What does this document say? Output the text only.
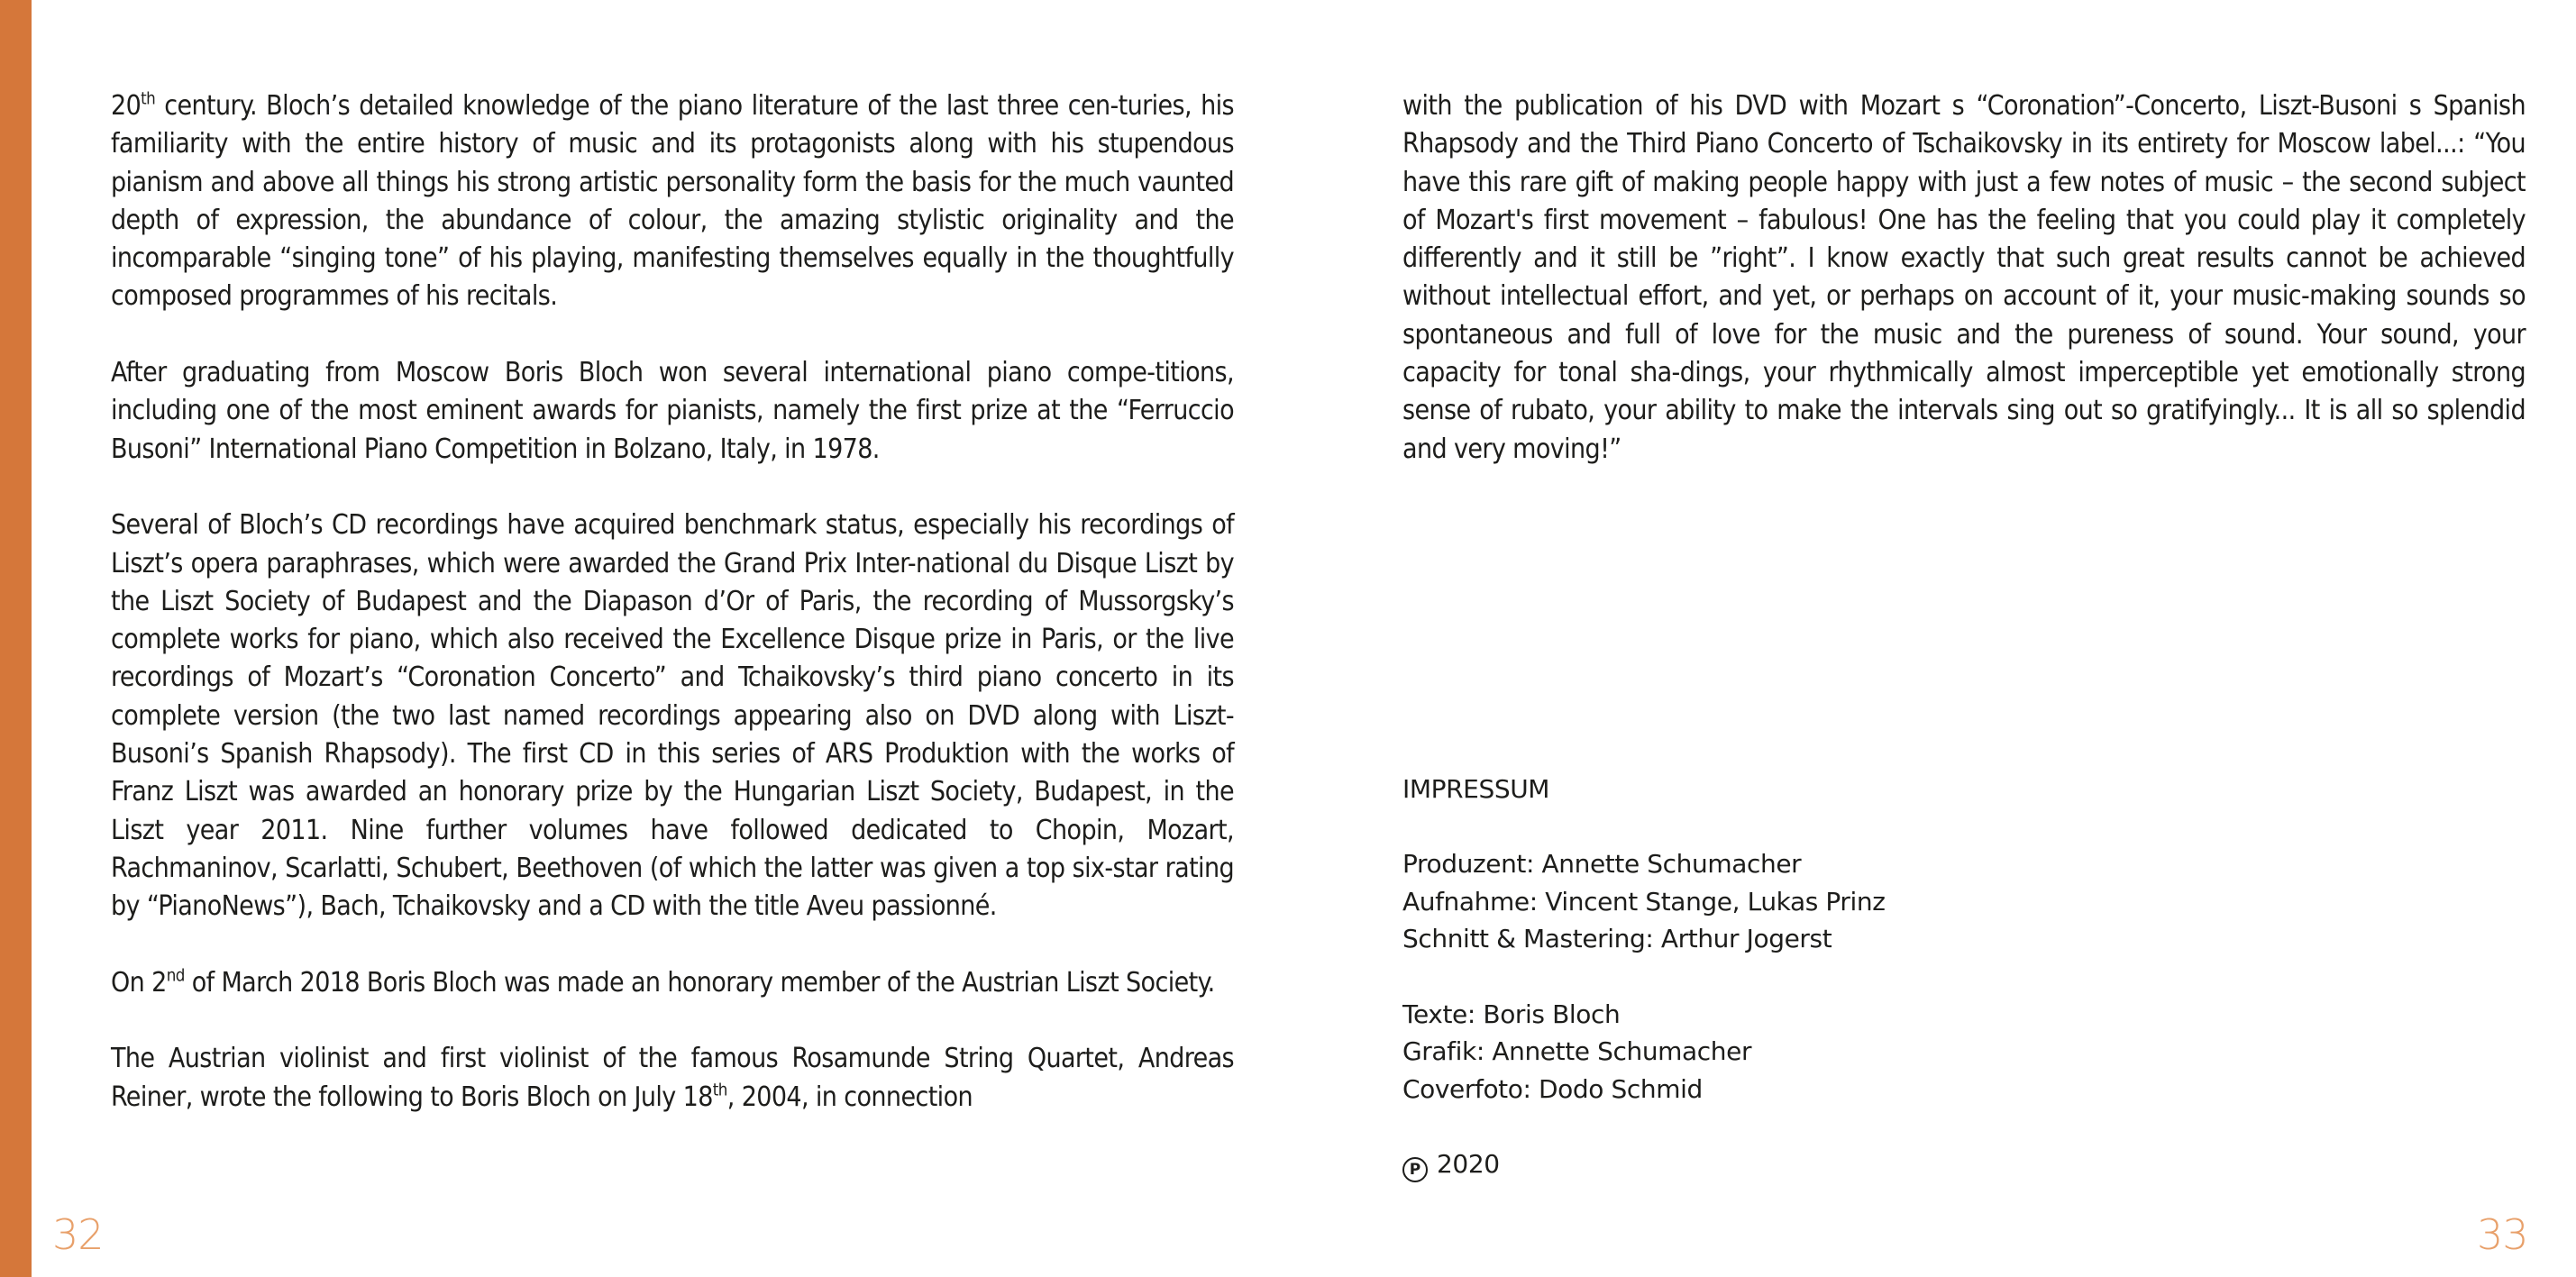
20th century. Bloch’s detailed knowledge of the piano literature of the last three cen-turies, his familiarity with the entire history of music and its protagonists along with his stupendous pianism and above all things his strong artistic personality form the basis for the much vaunted depth of expression, the abundance of colour, the amazing stylistic originality and the incomparable “singing tone” of his playing, manifesting themselves equally in the thoughtfully composed programmes of his recitals.

After graduating from Moscow Boris Bloch won several international piano compe-titions, including one of the most eminent awards for pianists, namely the first prize at the “Ferruccio Busoni” International Piano Competition in Bolzano, Italy, in 1978.

Several of Bloch’s CD recordings have acquired benchmark status, especially his recordings of Liszt’s opera paraphrases, which were awarded the Grand Prix Inter-national du Disque Liszt by the Liszt Society of Budapest and the Diapason d’Or of Paris, the recording of Mussorgsky’s complete works for piano, which also received the Excellence Disque prize in Paris, or the live recordings of Mozart’s “Coronation Concerto” and Tchaikovsky’s third piano concerto in its complete version (the two last named recordings appearing also on DVD along with Liszt-Busoni’s Spanish Rhapsody). The first CD in this series of ARS Produktion with the works of Franz Liszt was awarded an honorary prize by the Hungarian Liszt Society, Budapest, in the Liszt year 2011. Nine further volumes have followed dedicated to Chopin, Mozart, Rachmaninov, Scarlatti, Schubert, Beethoven (of which the latter was given a top six-star rating by “PianoNews”), Bach, Tchaikovsky and a CD with the title Aveu passionné.

On 2nd of March 2018 Boris Bloch was made an honorary member of the Austrian Liszt Society.

The Austrian violinist and first violinist of the famous Rosamunde String Quartet, Andreas Reiner, wrote the following to Boris Bloch on July 18th, 2004, in connection

with the publication of his DVD with Mozart s “Coronation”-Concerto, Liszt-Busoni s Spanish Rhapsody and the Third Piano Concerto of Tschaikovsky in its entirety for Moscow label...: “You have this rare gift of making people happy with just a few notes of music – the second subject of Mozart's first movement – fabulous! One has the feeling that you could play it completely differently and it still be ”right”. I know exactly that such great results cannot be achieved without intellectual effort, and yet, or perhaps on account of it, your music-making sounds so spontaneous and full of love for the music and the pureness of sound. Your sound, your capacity for tonal sha-dings, your rhythmically almost imperceptible yet emotionally strong sense of rubato, your ability to make the intervals sing out so gratifyingly... It is all so splendid and very moving!”

IMPRESSUM
Produzent: Annette Schumacher
Aufnahme: Vincent Stange, Lukas Prinz
Schnitt & Mastering: Arthur Jogerst
Texte: Boris Bloch
Grafik: Annette Schumacher
Coverfoto: Dodo Schmid
P 2020
32	33
